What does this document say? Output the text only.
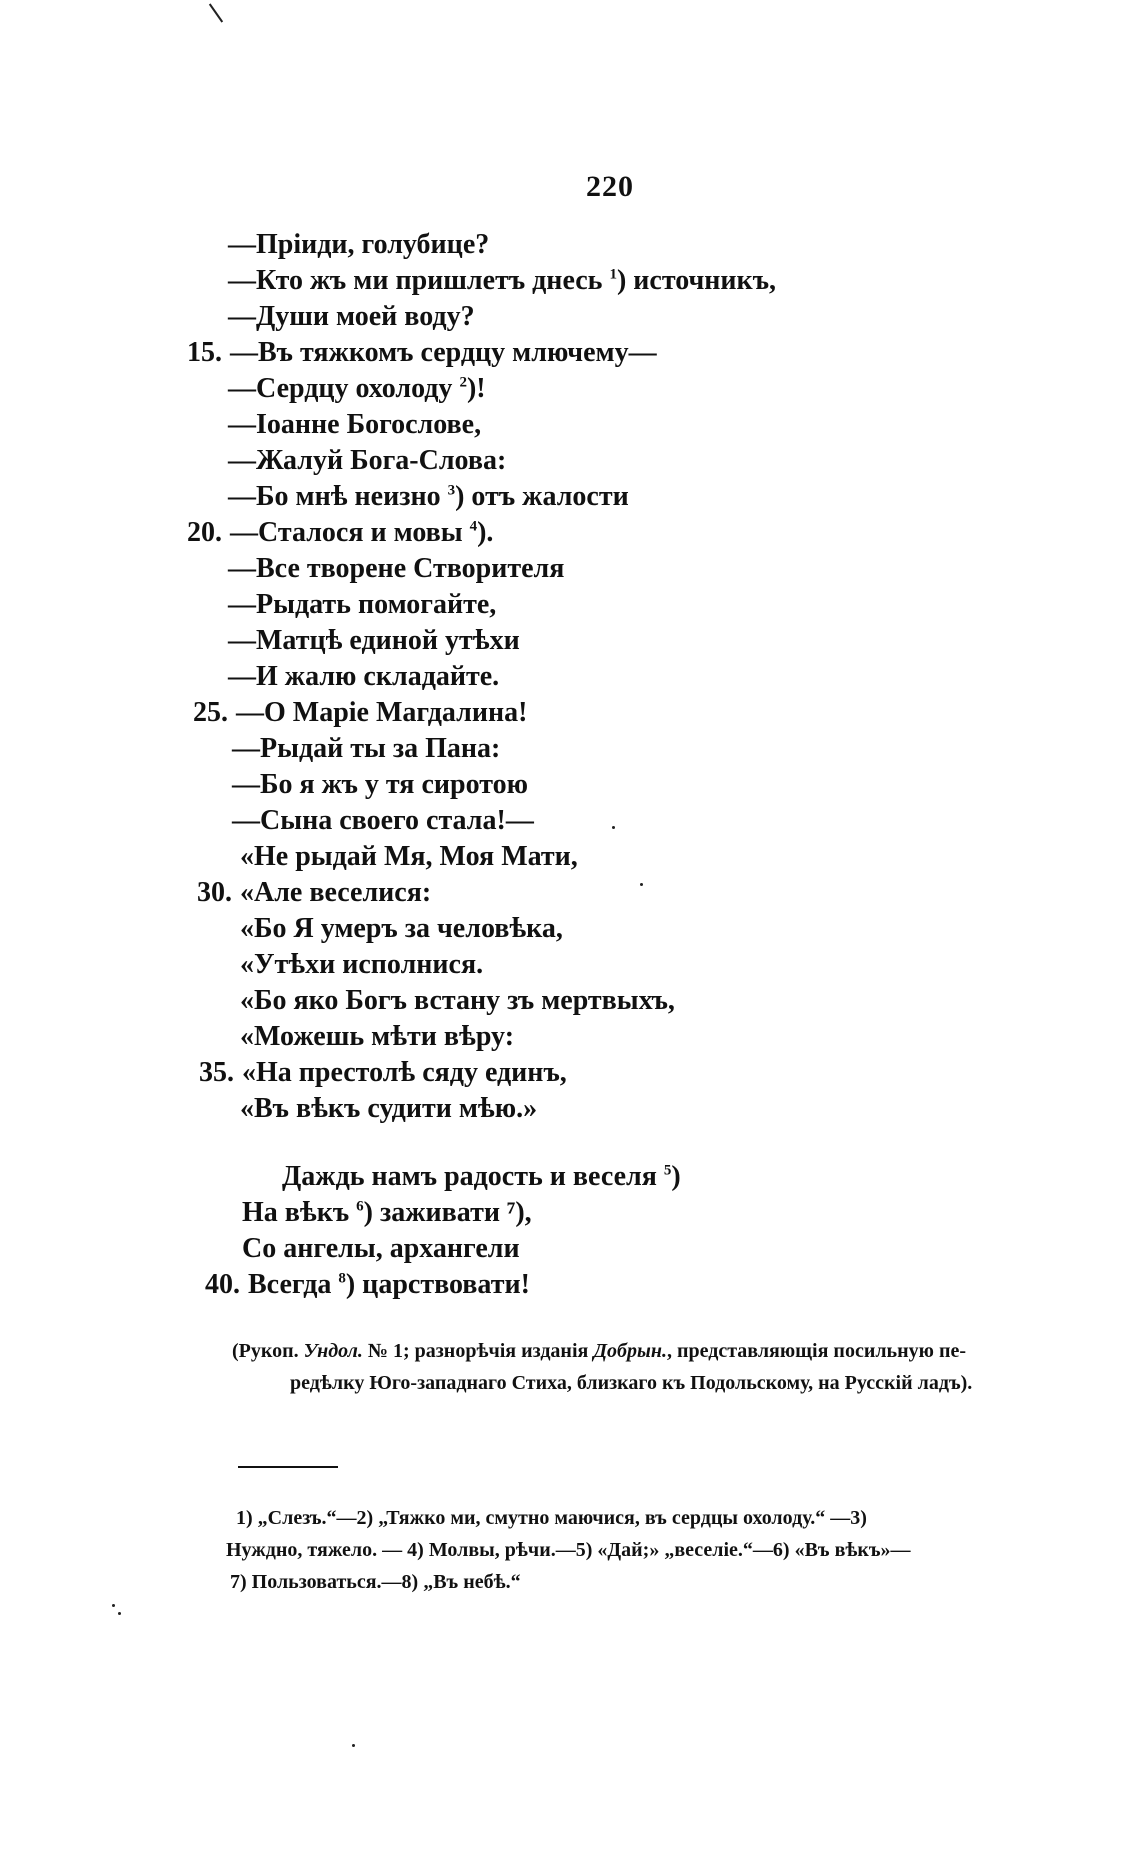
220
—Пріиди, голубице?
—Кто жъ ми пришлетъ днесь $^1$) источникъ,
—Души моей воду?
15. —Въ тяжкомъ сердцу млючему—
—Сердцу охолоду $^2$)!
—Іоанне Богослове,
—Жалуй Бога-Слова:
—Бо мнѣ неизно $^3$) отъ жалости
20. —Сталося и мовы $^4$).
—Все творене Створителя
—Рыдать помогайте,
—Матцѣ единой утѣхи
—И жалю складайте.
25. —О Маріе Магдалина!
—Рыдай ты за Пана:
—Бо я жъ у тя сиротою
—Сына своего стала!—
«Не рыдай Мя, Моя Мати,
30. «Але веселися:
«Бо Я умеръ за человѣка,
«Утѣхи исполнися.
«Бо яко Богъ встану зъ мертвыхъ,
«Можешь мѣти вѣру:
35. «На престолѣ сяду единъ,
«Въ вѣкъ судити мѣю.»
Даждь намъ радость и веселя $^5$)
На вѣкъ $^6$) заживати ⁷),
Со ангелы, архангели
40. Всегда $^8$) царствовати!
(Рукоп. Ундол. № 1; разнорѣчія изданія Добрын., представляющія посильную пе-
редѣлку Юго-западнаго Стиха, близкаго къ Подольскому, на Русскій ладъ).
1) „Слезъ.“—2) „Тяжко ми, смутно маючися, въ сердцы охолоду.“ —3)
Нуждно, тяжело. — 4) Молвы, рѣчи.—5) «Дай;» „веселіе.“—6) «Въ вѣкъ»—
7) Пользоваться.—8) „Въ небѣ.“
